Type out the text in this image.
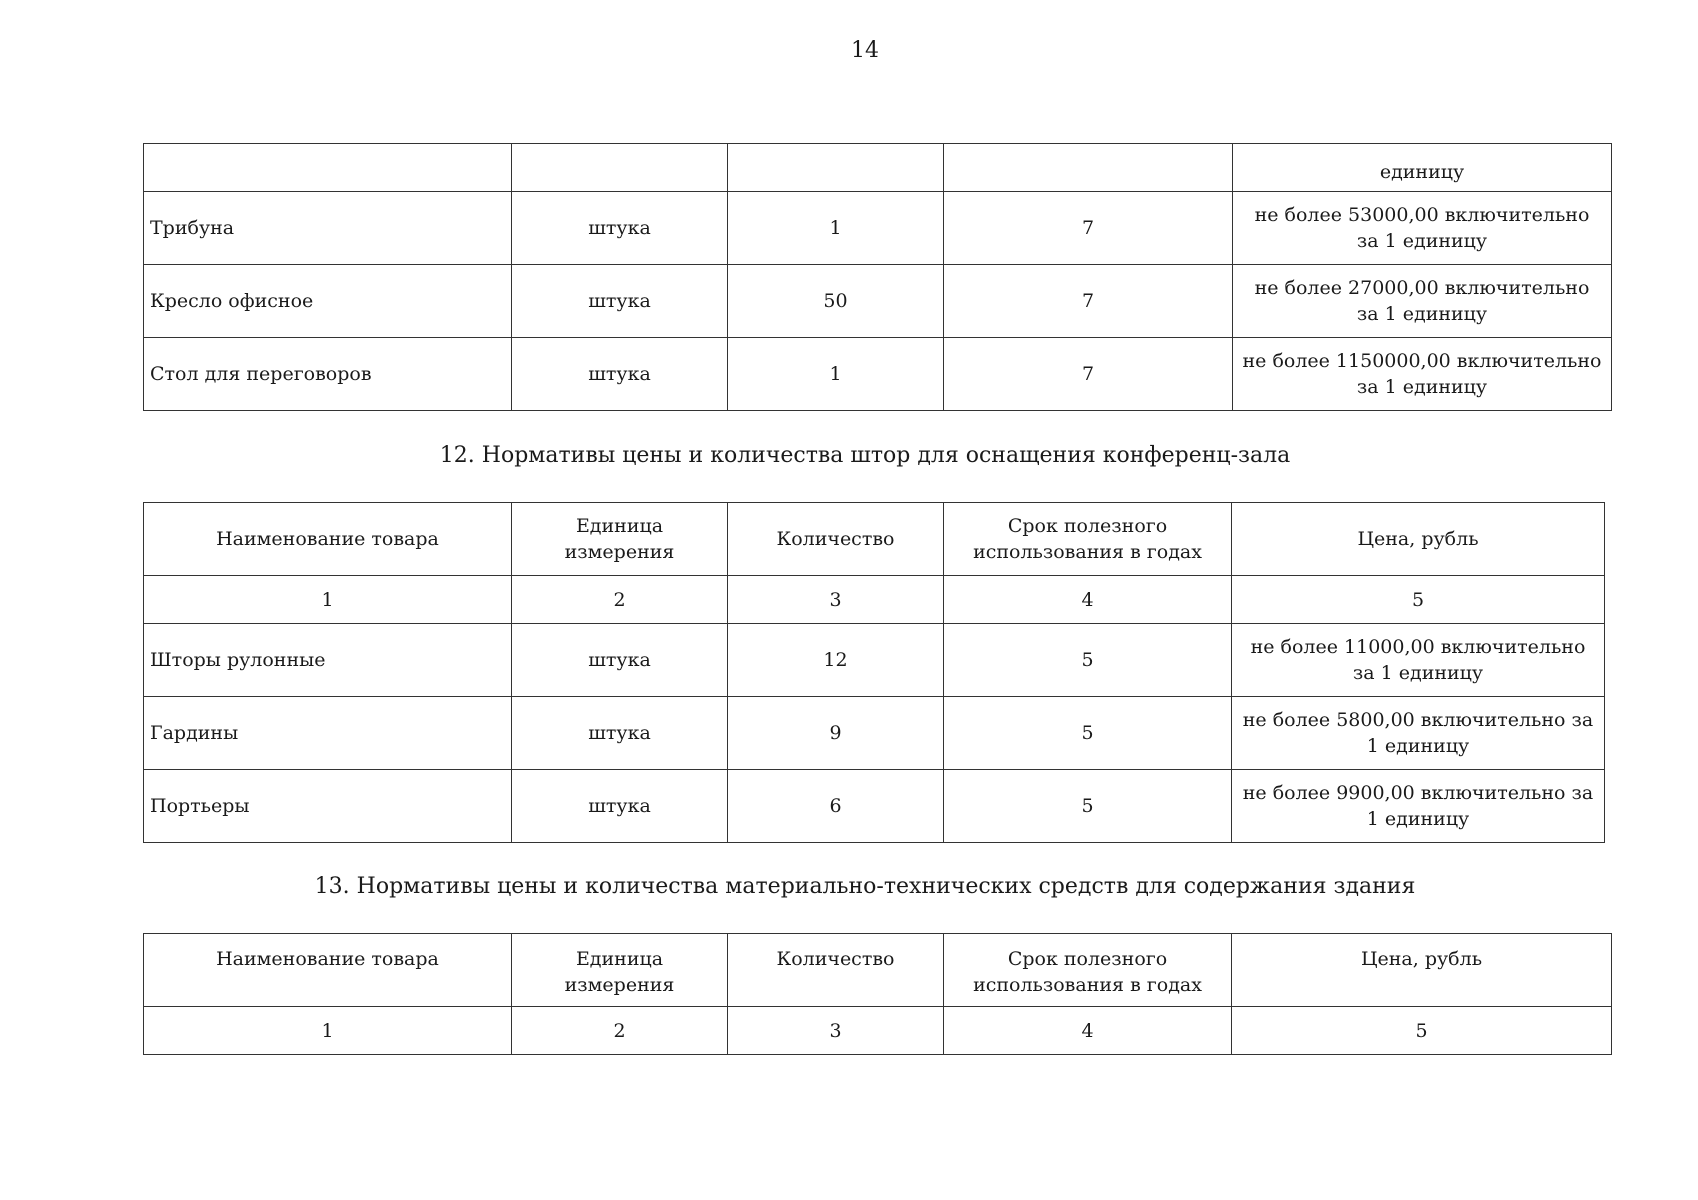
14
				единицу
Трибуна	штука	1	7	не более 53000,00 включительно за 1 единицу
Кресло офисное	штука	50	7	не более 27000,00 включительно за 1 единицу
Стол для переговоров	штука	1	7	не более 1150000,00 включительно за 1 единицу
12. Нормативы цены и количества штор для оснащения конференц-зала
Наименование товара	Единица измерения	Количество	Срок полезного использования в годах	Цена, рубль
1	2	3	4	5
Шторы рулонные	штука	12	5	не более 11000,00 включительно за 1 единицу
Гардины	штука	9	5	не более 5800,00 включительно за 1 единицу
Портьеры	штука	6	5	не более 9900,00 включительно за 1 единицу
13. Нормативы цены и количества материально-технических средств для содержания здания
Наименование товара	Единица измерения	Количество	Срок полезного использования в годах	Цена, рубль
1	2	3	4	5
